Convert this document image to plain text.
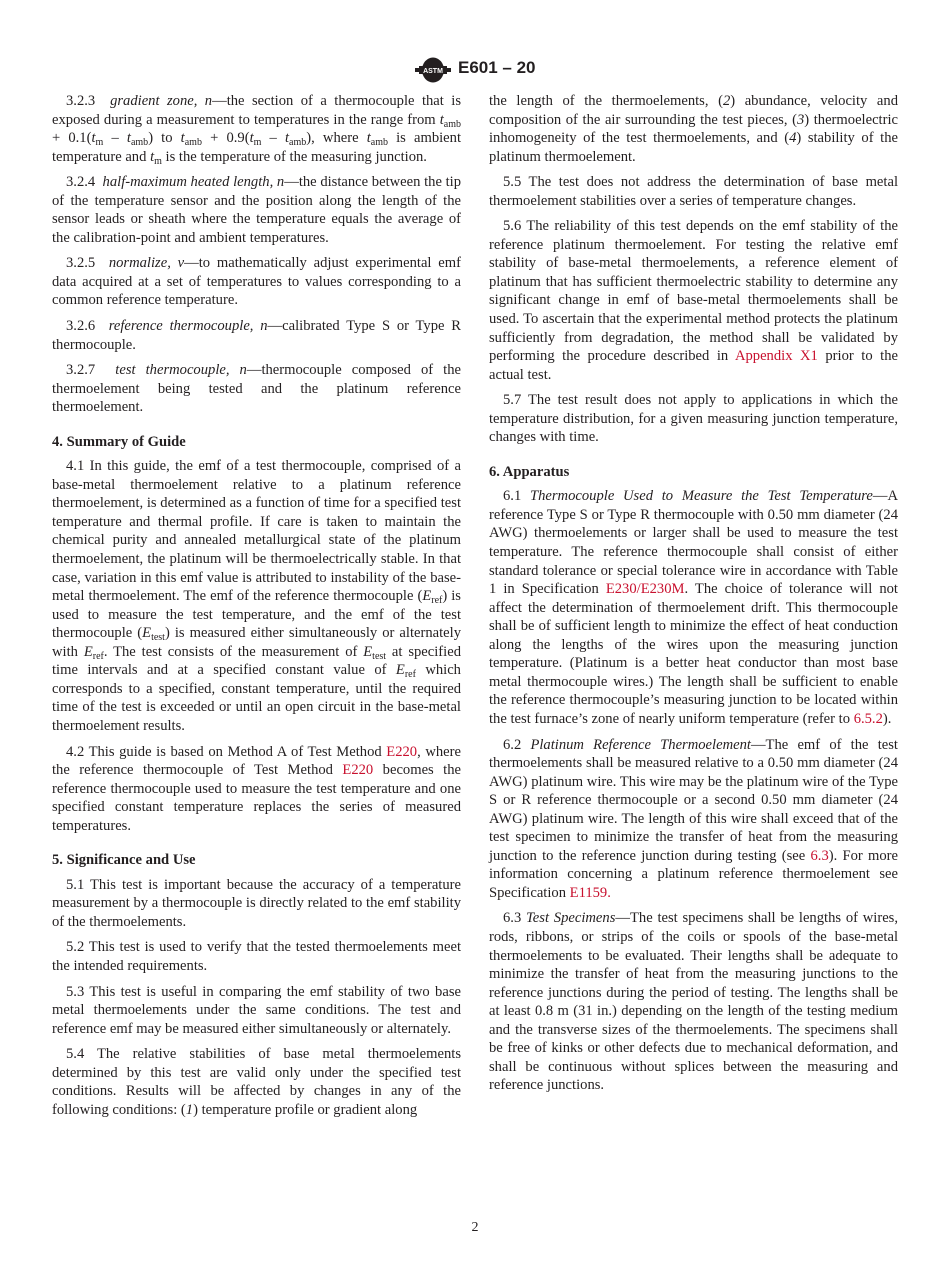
ASTM E601 – 20

3.2.3 gradient zone, n—the section of a thermocouple that is exposed during a measurement to temperatures in the range from $t_{amb} + 0.1(t_m - t_{amb})$ to $t_{amb} + 0.9(t_m - t_{amb})$, where $t_{amb}$ is ambient temperature and $t_m$ is the temperature of the measuring junction.

3.2.4 half-maximum heated length, n—the distance between the tip of the temperature sensor and the position along the length of the sensor leads or sheath where the temperature equals the average of the calibration-point and ambient temperatures.

3.2.5 normalize, v—to mathematically adjust experimental emf data acquired at a set of temperatures to values corresponding to a common reference temperature.

3.2.6 reference thermocouple, n—calibrated Type S or Type R thermocouple.

3.2.7 test thermocouple, n—thermocouple composed of the thermoelement being tested and the platinum reference thermoelement.

4. Summary of Guide

4.1 In this guide, the emf of a test thermocouple, comprised of a base-metal thermoelement relative to a platinum reference thermoelement, is determined as a function of time for a specified test temperature and thermal profile. If care is taken to maintain the chemical purity and annealed metallurgical state of the platinum thermoelement, the platinum will be thermoelectrically stable. In that case, variation in this emf value is attributed to instability of the base-metal thermoelement. The emf of the reference thermocouple $(E_{ref})$ is used to measure the test temperature, and the emf of the test thermocouple $(E_{test})$ is measured either simultaneously or alternately with $E_{ref}$. The test consists of the measurement of $E_{test}$ at specified time intervals and at a specified constant value of $E_{ref}$ which corresponds to a specified, constant temperature, until the required time of the test is exceeded or until an open circuit in the base-metal thermoelement results.

4.2 This guide is based on Method A of Test Method E220, where the reference thermocouple of Test Method E220 becomes the reference thermocouple used to measure the test temperature and one specified constant temperature replaces the series of measured temperatures.

5. Significance and Use

5.1 This test is important because the accuracy of a temperature measurement by a thermocouple is directly related to the emf stability of the thermoelements.

5.2 This test is used to verify that the tested thermoelements meet the intended requirements.

5.3 This test is useful in comparing the emf stability of two base metal thermoelements under the same conditions. The test and reference emf may be measured either simultaneously or alternately.

5.4 The relative stabilities of base metal thermoelements determined by this test are valid only under the specified test conditions. Results will be affected by changes in any of the following conditions: (1) temperature profile or gradient along

the length of the thermoelements, (2) abundance, velocity and composition of the air surrounding the test pieces, (3) thermoelectric inhomogeneity of the test thermoelements, and (4) stability of the platinum thermoelement.

5.5 The test does not address the determination of base metal thermoelement stabilities over a series of temperature changes.

5.6 The reliability of this test depends on the emf stability of the reference platinum thermoelement. For testing the relative emf stability of base-metal thermoelements, a reference element of platinum that has sufficient thermoelectric stability to determine any significant change in emf of base-metal thermoelements shall be used. To ascertain that the experimental method protects the platinum sufficiently from degradation, the method shall be validated by performing the procedure described in Appendix X1 prior to the actual test.

5.7 The test result does not apply to applications in which the temperature distribution, for a given measuring junction temperature, changes with time.

6. Apparatus

6.1 Thermocouple Used to Measure the Test Temperature—A reference Type S or Type R thermocouple with 0.50 mm diameter (24 AWG) thermoelements or larger shall be used to measure the test temperature. The reference thermocouple shall consist of either standard tolerance or special tolerance wire in accordance with Table 1 in Specification E230/E230M. The choice of tolerance will not affect the determination of thermoelement drift. This thermocouple shall be of sufficient length to minimize the effect of heat conduction along the lengths of the wires upon the measuring junction temperature. (Platinum is a better heat conductor than most base metal thermocouple wires.) The length shall be sufficient to enable the reference thermocouple’s measuring junction to be located within the test furnace’s zone of nearly uniform temperature (refer to 6.5.2).

6.2 Platinum Reference Thermoelement—The emf of the test thermoelements shall be measured relative to a 0.50 mm diameter (24 AWG) platinum wire. This wire may be the platinum wire of the Type S or R reference thermocouple or a second 0.50 mm diameter (24 AWG) platinum wire. The length of this wire shall exceed that of the test specimen to minimize the transfer of heat from the measuring junction to the reference junction during testing (see 6.3). For more information concerning a platinum reference thermoelement see Specification E1159.

6.3 Test Specimens—The test specimens shall be lengths of wires, rods, ribbons, or strips of the coils or spools of the base-metal thermoelements to be evaluated. Their lengths shall be adequate to minimize the transfer of heat from the measuring junctions to the reference junctions during the period of testing. The lengths shall be at least 0.8 m (31 in.) depending on the length of the testing medium and the transverse sizes of the thermoelements. The specimens shall be free of kinks or other defects due to mechanical deformation, and shall be continuous without splices between the measuring and reference junctions.

2
